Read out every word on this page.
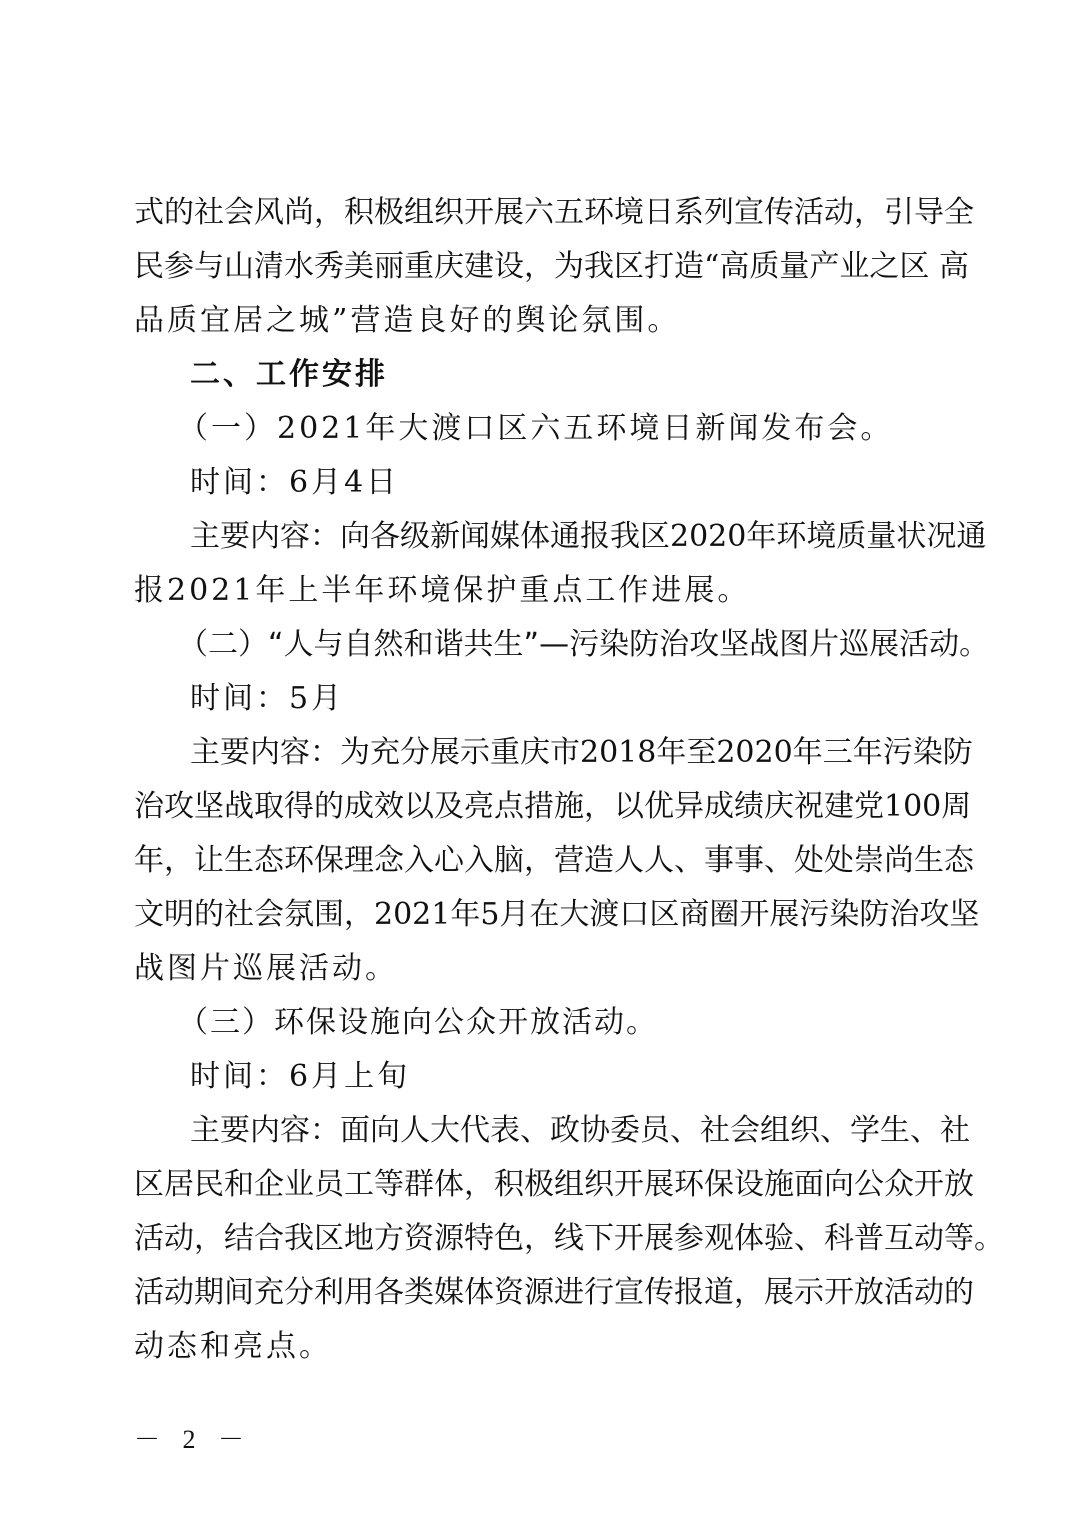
式的社会风尚，积极组织开展六五环境日系列宣传活动，引导全
民参与山清水秀美丽重庆建设，为我区打造“高质量产业之区 高
品质宜居之城”营造良好的舆论氛围。
二、工作安排
（一）2021年大渡口区六五环境日新闻发布会。
时间：6月4日
主要内容：向各级新闻媒体通报我区2020年环境质量状况通
报2021年上半年环境保护重点工作进展。
（二）“人与自然和谐共生”—污染防治攻坚战图片巡展活动。
时间：5月
主要内容：为充分展示重庆市2018年至2020年三年污染防
治攻坚战取得的成效以及亮点措施，以优异成绩庆祝建党100周
年，让生态环保理念入心入脑，营造人人、事事、处处崇尚生态
文明的社会氛围，2021年5月在大渡口区商圈开展污染防治攻坚
战图片巡展活动。
（三）环保设施向公众开放活动。
时间：6月上旬
主要内容：面向人大代表、政协委员、社会组织、学生、社
区居民和企业员工等群体，积极组织开展环保设施面向公众开放
活动，结合我区地方资源特色，线下开展参观体验、科普互动等。
活动期间充分利用各类媒体资源进行宣传报道，展示开放活动的
动态和亮点。
－ 2 －
